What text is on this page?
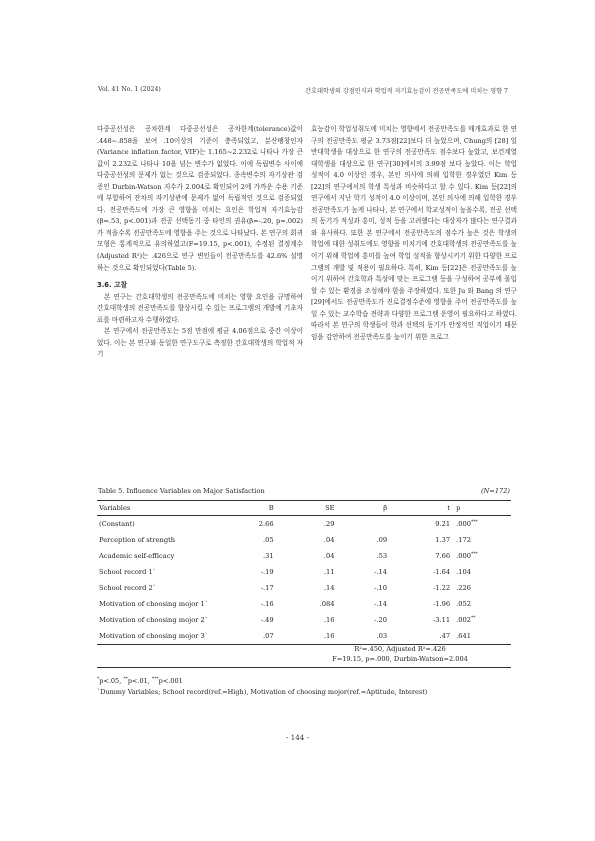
Vol. 41 No. 1 (2024)	간호대학생의 강점인식과 학업적 자기효능감이 전공만족도에 미치는 영향 7

다중공선성은 공차한계 다중공선성은 공차한계(tolerance)값이 .448~.858을 보여 .10이상의 기준이 충족되었고, 분산팽창인자(Variance inflation factor, VIF)는 1.165~2.232로 나타나 가장 큰 값이 2.232로 나타나 10을 넘는 변수가 없었다. 이에 독립변수 사이에 다중공선성의 문제가 없는 것으로 검증되었다. 종속변수의 자기상관 검증인 Durbin-Watson 지수가 2.004로 확인되어 2에 가까운 수용 기준에 부합하여 잔차의 자기상관에 문제가 없어 독립적인 것으로 검증되었다. 전공만족도에 가장 큰 영향을 미치는 요인은 학업적 자기효능감(β=.53, p<.001)과 전공 선택동기 중 타인의 권유(β=-.20, p=.002)가 적을수록 전공만족도에 영향을 주는 것으로 나타났다. 본 연구의 회귀모형은 통계적으로 유의하였고(F=19.15, p<.001), 수정된 결정계수(Adjusted R²)는 .426으로 연구 변인들이 전공만족도를 42.6% 설명하는 것으로 확인되었다(Table 5).

3.6. 고찰

본 연구는 간호대학생의 전공만족도에 미치는 영향 요인을 규명하여 간호대학생의 전공만족도를 향상시킬 수 있는 프로그램의 개발에 기초자료를 마련하고자 수행하였다.

본 연구에서 전공만족도는 5점 만점에 평균 4.06점으로 중간 이상이었다. 이는 본 연구와 동일한 연구도구로 측정한 간호대학생의 학업적 자기

효능감이 학업성취도에 미치는 영향에서 전공만족도를 매개효과로 한 연구의 전공만족도 평균 3.73점[22]보다 더 높았으며, Chung의 [28] 일반대학생을 대상으로 한 연구의 전공만족도 점수보다 높았고, 보건계열 대학생을 대상으로 한 연구[30]에서의 3.99점 보다 높았다. 이는 학업성적이 4.0 이상인 경우, 본인 의사에 의해 입학한 경우였던 Kim 등[22]의 연구에서의 학생 특성과 비슷하다고 할 수 있다. Kim 등[22]의 연구에서 지난 학기 성적이 4.0 이상이며, 본인 의사에 의해 입학한 경우 전공만족도가 높게 나타나, 본 연구에서 학교성적이 높을수록, 전공 선택의 동기가 적성과 흥미, 성적 등을 고려했다는 대상자가 많다는 연구결과와 유사하다. 또한 본 연구에서 전공만족도의 점수가 높은 것은 학생의 학업에 대한 성취도에도 영향을 미치기에 간호대학생의 전공만족도를 높이기 위해 학업에 흥미를 높여 학업 성적을 향상시키기 위한 다양한 프로그램의 개발 및 적용이 필요하다. 특히, Kim 등[22]은 전공만족도를 높이기 위하여 간호학과 특성에 맞는 프로그램 등을 구성하여 공부에 몰입할 수 있는 환경을 조성해야 함을 주장하였다. 또한 Ju 와 Bang 의 연구[29]에서도 전공만족도가 진로결정수준에 영향을 주어 전공만족도를 높일 수 있는 교수학습 전략과 다양한 프로그램 운영이 필요하다고 하였다. 따라서 본 연구의 학생들이 학과 선택의 동기가 안정적인 직업이기 때문임을 감안하여 전공만족도를 높이기 위한 프로그

Table 5. Influence Variables on Major Satisfaction	(N=172)
Variables	B	SE	β	t	p
(Constant)	2.66	.29		9.21	.000***
Perception of strength	.05	.04	.09	1.37	.172
Academic self-efficacy	.31	.04	.53	7.66	.000***
School record 1`	-.19	.11	-.14	-1.64	.104
School record 2`	-.17	.14	-.10	-1.22	.226
Motivation of choosing mojor 1`	-.16	.084	-.14	-1.96	.052
Motivation of choosing mojor 2`	-.49	.16	-.20	-3.11	.002**
Motivation of choosing mojor 3`	.07	.16	.03	.47	.641
R²=.450, Adjusted R²=.426
F=19.15, p=.000, Durbin-Watson=2.004
*p<.05, **p<.01, ***p<.001
`Dummy Variables; School record(ref.=High), Motivation of choosing mojor(ref.=Aptitude, Interest)
- 144 -
